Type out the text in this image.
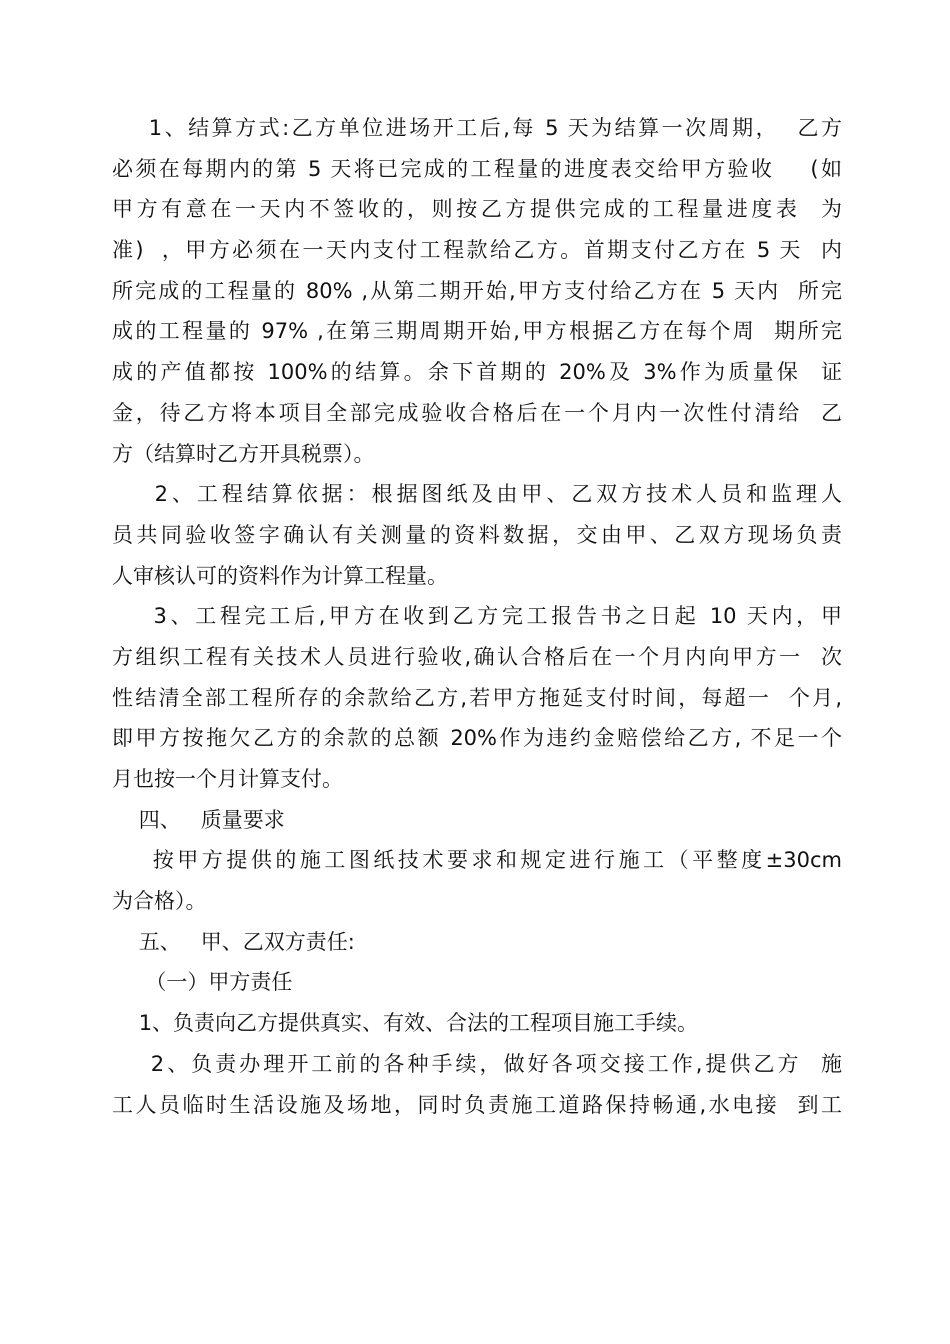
1、结算方式:乙方单位进场开工后,每 5 天为结算一次周期，  乙方
必须在每期内的第 5 天将已完成的工程量的进度表交给甲方验收    (如
甲方有意在一天内不签收的，则按乙方提供完成的工程量进度表  为
准)  ，甲方必须在一天内支付工程款给乙方。首期支付乙方在 5 天  内
所完成的工程量的 80% ,从第二期开始,甲方支付给乙方在 5 天内  所完
成的工程量的 97% ,在第三期周期开始,甲方根据乙方在每个周  期所完
成的产值都按 100%的结算。余下首期的 20%及 3%作为质量保  证
金，待乙方将本项目全部完成验收合格后在一个月内一次性付清给  乙
方（结算时乙方开具税票）。
2、工程结算依据：根据图纸及由甲、乙双方技术人员和监理人
员共同验收签字确认有关测量的资料数据，交由甲、乙双方现场负责
人审核认可的资料作为计算工程量。
3、工程完工后,甲方在收到乙方完工报告书之日起 10 天内，甲
方组织工程有关技术人员进行验收,确认合格后在一个月内向甲方一  次
性结清全部工程所存的余款给乙方,若甲方拖延支付时间，每超一  个月,
即甲方按拖欠乙方的余款的总额 20%作为违约金赔偿给乙方, 不足一个
月也按一个月计算支付。
四、   质量要求
按甲方提供的施工图纸技术要求和规定进行施工（平整度±30cm
为合格）。
五、   甲、乙双方责任:
（一）甲方责任
1、负责向乙方提供真实、有效、合法的工程项目施工手续。
2、负责办理开工前的各种手续，做好各项交接工作,提供乙方  施
工人员临时生活设施及场地，同时负责施工道路保持畅通,水电接  到工
